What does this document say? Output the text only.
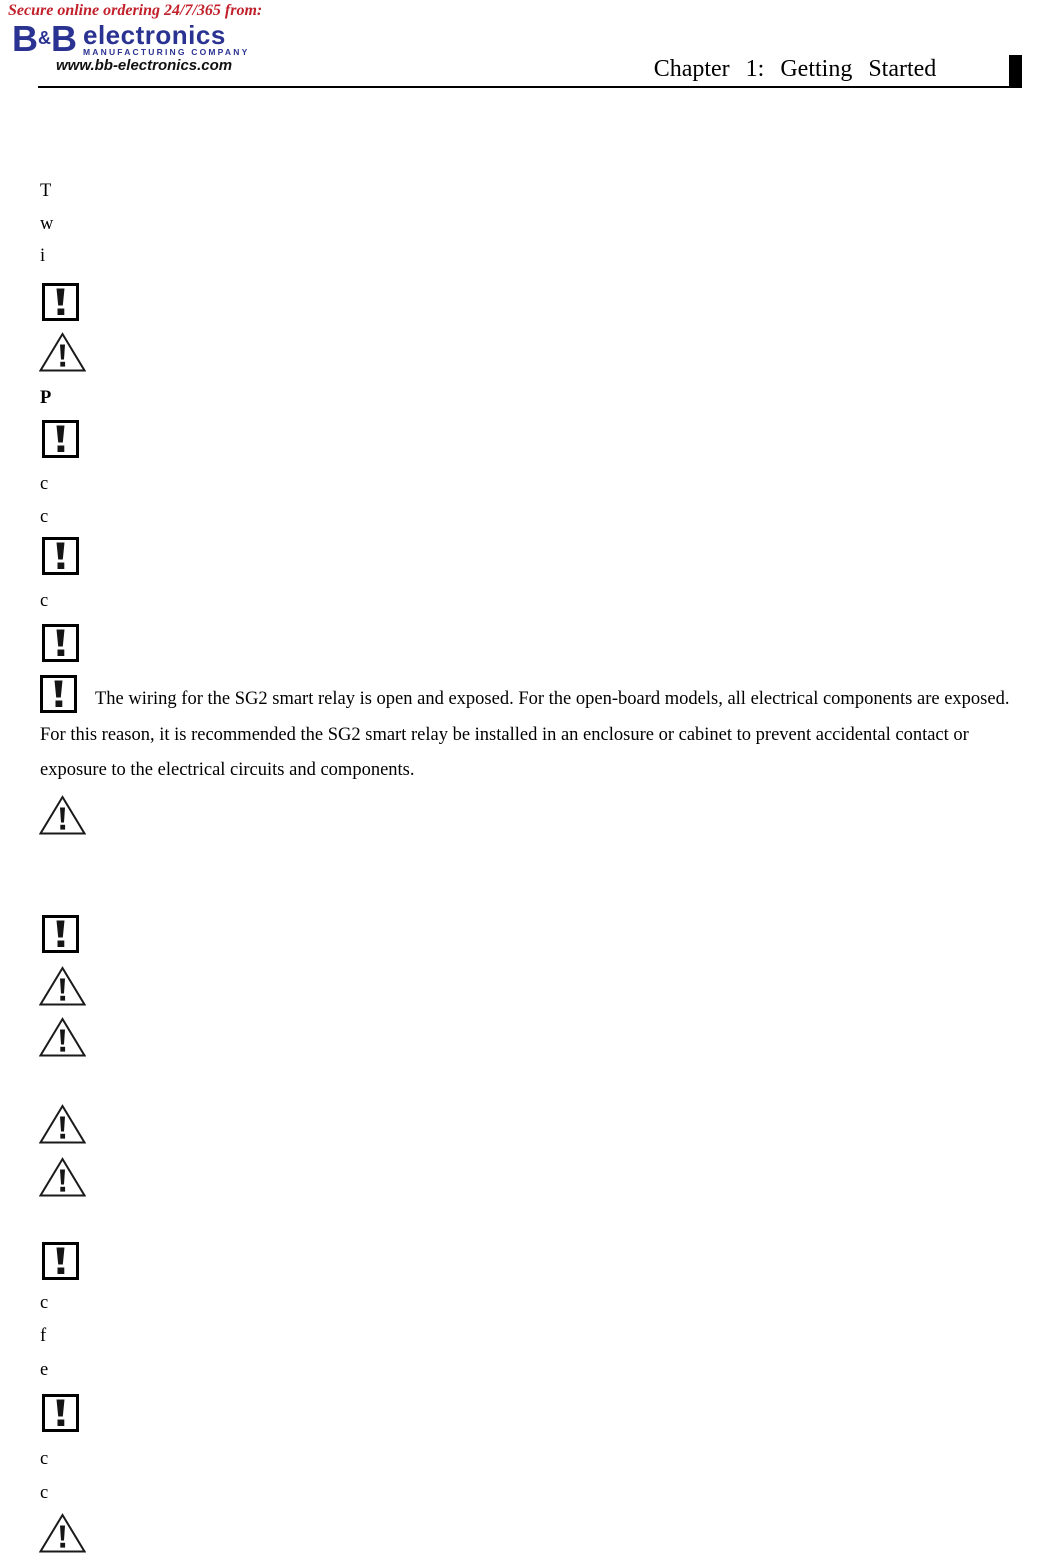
Secure online ordering 24/7/365 from:
B&B electronics
MANUFACTURING COMPANY
www.bb-electronics.com	Chapter 1: Getting Started
T
w
i
P
c
c
c
The wiring for the SG2 smart relay is open and exposed. For the open-board models, all electrical components are exposed. For this reason, it is recommended the SG2 smart relay be installed in an enclosure or cabinet to prevent accidental contact or exposure to the electrical circuits and components.
c
f
e
c
c
